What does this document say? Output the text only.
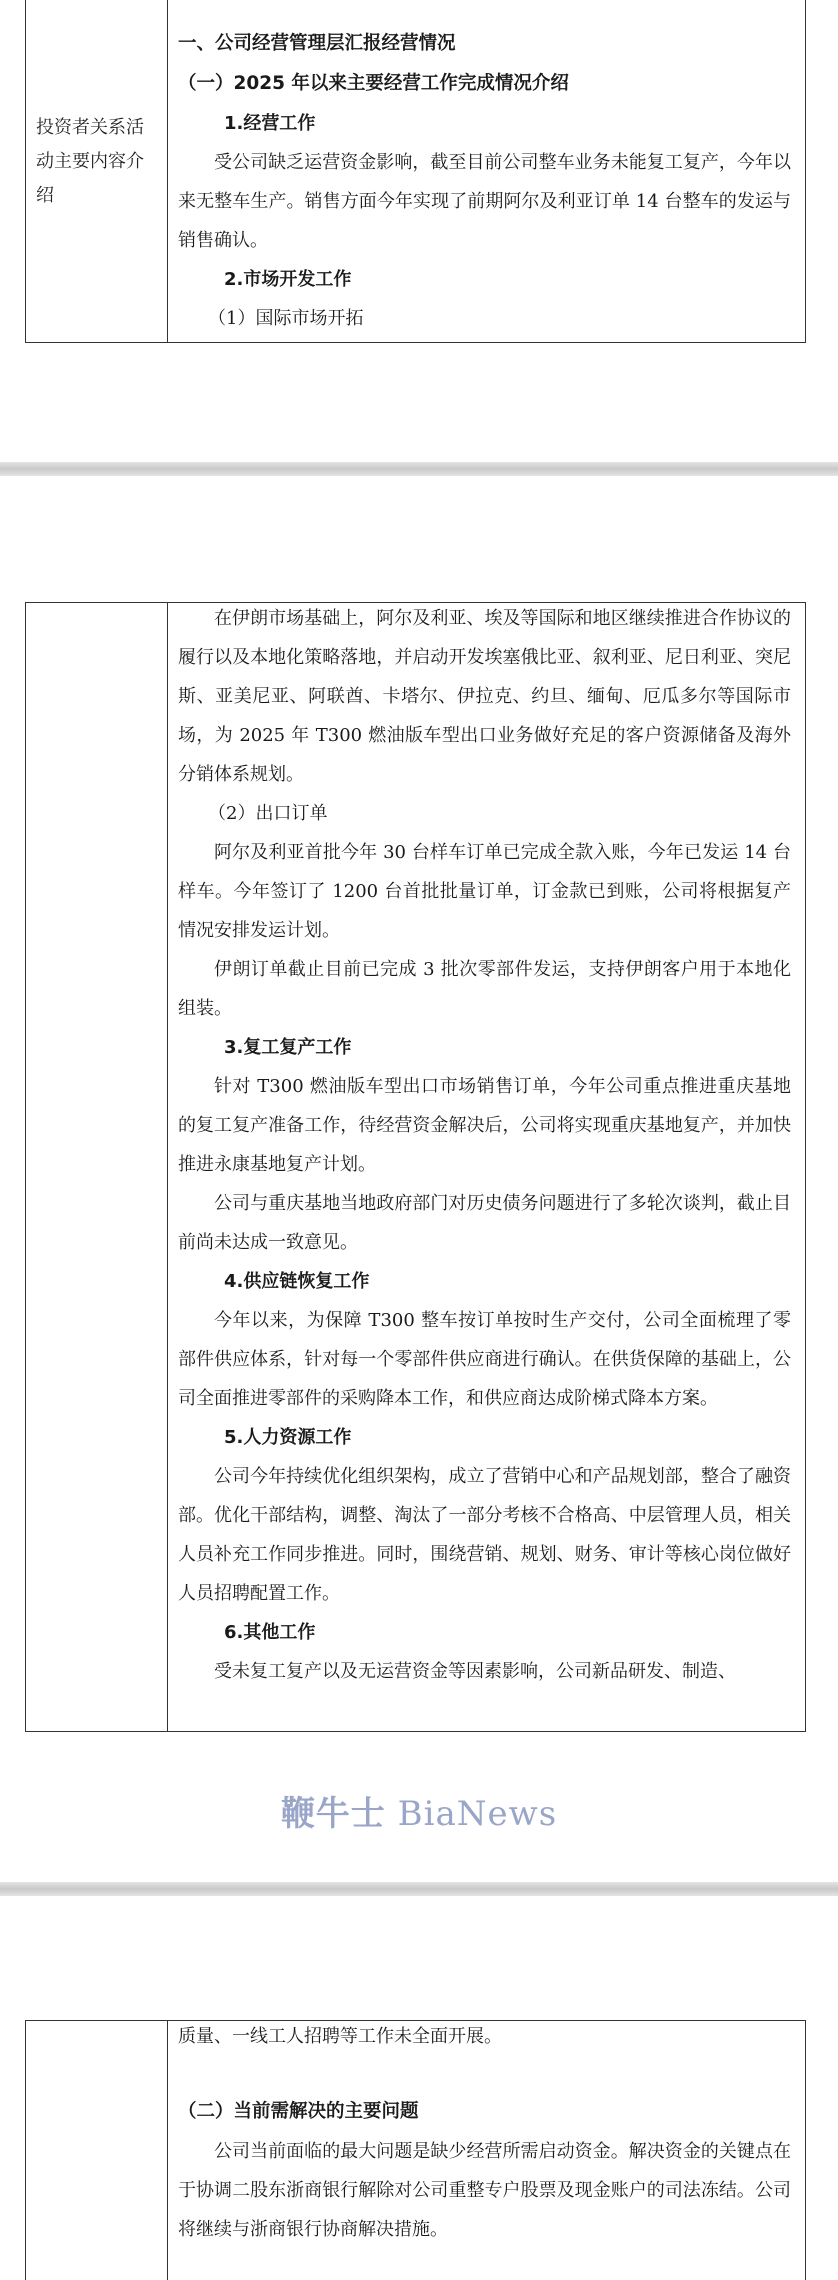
投资者关系活动主要内容介绍

一、公司经营管理层汇报经营情况

（一）2025 年以来主要经营工作完成情况介绍

1.经营工作

受公司缺乏运营资金影响，截至目前公司整车业务未能复工复产，今年以来无整车生产。销售方面今年实现了前期阿尔及利亚订单 14 台整车的发运与销售确认。

2.市场开发工作

（1）国际市场开拓

在伊朗市场基础上，阿尔及利亚、埃及等国际和地区继续推进合作协议的履行以及本地化策略落地，并启动开发埃塞俄比亚、叙利亚、尼日利亚、突尼斯、亚美尼亚、阿联酋、卡塔尔、伊拉克、约旦、缅甸、厄瓜多尔等国际市场，为 2025 年 T300 燃油版车型出口业务做好充足的客户资源储备及海外分销体系规划。

（2）出口订单

阿尔及利亚首批今年 30 台样车订单已完成全款入账，今年已发运 14 台样车。今年签订了 1200 台首批批量订单，订金款已到账，公司将根据复产情况安排发运计划。

伊朗订单截止目前已完成 3 批次零部件发运，支持伊朗客户用于本地化组装。

3.复工复产工作

针对 T300 燃油版车型出口市场销售订单，今年公司重点推进重庆基地的复工复产准备工作，待经营资金解决后，公司将实现重庆基地复产，并加快推进永康基地复产计划。

公司与重庆基地当地政府部门对历史债务问题进行了多轮次谈判，截止目前尚未达成一致意见。

4.供应链恢复工作

今年以来，为保障 T300 整车按订单按时生产交付，公司全面梳理了零部件供应体系，针对每一个零部件供应商进行确认。在供货保障的基础上，公司全面推进零部件的采购降本工作，和供应商达成阶梯式降本方案。

5.人力资源工作

公司今年持续优化组织架构，成立了营销中心和产品规划部，整合了融资部。优化干部结构，调整、淘汰了一部分考核不合格高、中层管理人员，相关人员补充工作同步推进。同时，围绕营销、规划、财务、审计等核心岗位做好人员招聘配置工作。

6.其他工作

受未复工复产以及无运营资金等因素影响，公司新品研发、制造、

鞭牛士 BiaNews

质量、一线工人招聘等工作未全面开展。

（二）当前需解决的主要问题

公司当前面临的最大问题是缺少经营所需启动资金。解决资金的关键点在于协调二股东浙商银行解除对公司重整专户股票及现金账户的司法冻结。公司将继续与浙商银行协商解决措施。
